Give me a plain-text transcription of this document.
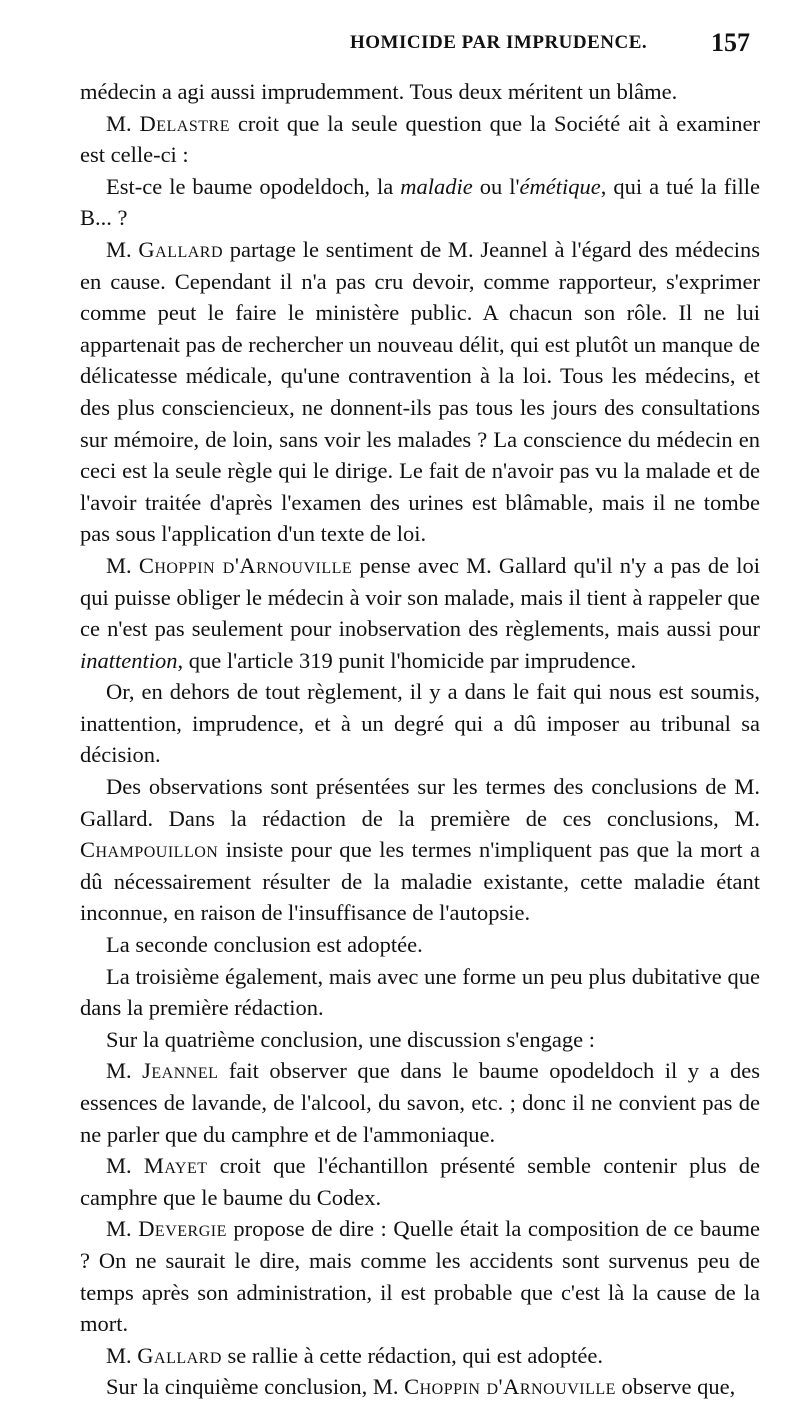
HOMICIDE PAR IMPRUDENCE. 157

médecin a agi aussi imprudemment. Tous deux méritent un blâme.

M. Delastre croit que la seule question que la Société ait à examiner est celle-ci :

Est-ce le baume opodeldoch, la maladie ou l'émétique, qui a tué la fille B... ?

M. Gallard partage le sentiment de M. Jeannel à l'égard des médecins en cause. Cependant il n'a pas cru devoir, comme rapporteur, s'exprimer comme peut le faire le ministère public. A chacun son rôle. Il ne lui appartenait pas de rechercher un nouveau délit, qui est plutôt un manque de délicatesse médicale, qu'une contravention à la loi. Tous les médecins, et des plus consciencieux, ne donnent-ils pas tous les jours des consultations sur mémoire, de loin, sans voir les malades ? La conscience du médecin en ceci est la seule règle qui le dirige. Le fait de n'avoir pas vu la malade et de l'avoir traitée d'après l'examen des urines est blâmable, mais il ne tombe pas sous l'application d'un texte de loi.

M. Choppin d'Arnouville pense avec M. Gallard qu'il n'y a pas de loi qui puisse obliger le médecin à voir son malade, mais il tient à rappeler que ce n'est pas seulement pour inobservation des règlements, mais aussi pour inattention, que l'article 319 punit l'homicide par imprudence.

Or, en dehors de tout règlement, il y a dans le fait qui nous est soumis, inattention, imprudence, et à un degré qui a dû imposer au tribunal sa décision.

Des observations sont présentées sur les termes des conclusions de M. Gallard. Dans la rédaction de la première de ces conclusions, M. Champouillon insiste pour que les termes n'impliquent pas que la mort a dû nécessairement résulter de la maladie existante, cette maladie étant inconnue, en raison de l'insuffisance de l'autopsie.

La seconde conclusion est adoptée.

La troisième également, mais avec une forme un peu plus dubitative que dans la première rédaction.

Sur la quatrième conclusion, une discussion s'engage :

M. Jeannel fait observer que dans le baume opodeldoch il y a des essences de lavande, de l'alcool, du savon, etc. ; donc il ne convient pas de ne parler que du camphre et de l'ammoniaque.

M. Mayet croit que l'échantillon présenté semble contenir plus de camphre que le baume du Codex.

M. Devergie propose de dire : Quelle était la composition de ce baume ? On ne saurait le dire, mais comme les accidents sont survenus peu de temps après son administration, il est probable que c'est là la cause de la mort.

M. Gallard se rallie à cette rédaction, qui est adoptée.

Sur la cinquième conclusion, M. Choppin d'Arnouville observe que,
